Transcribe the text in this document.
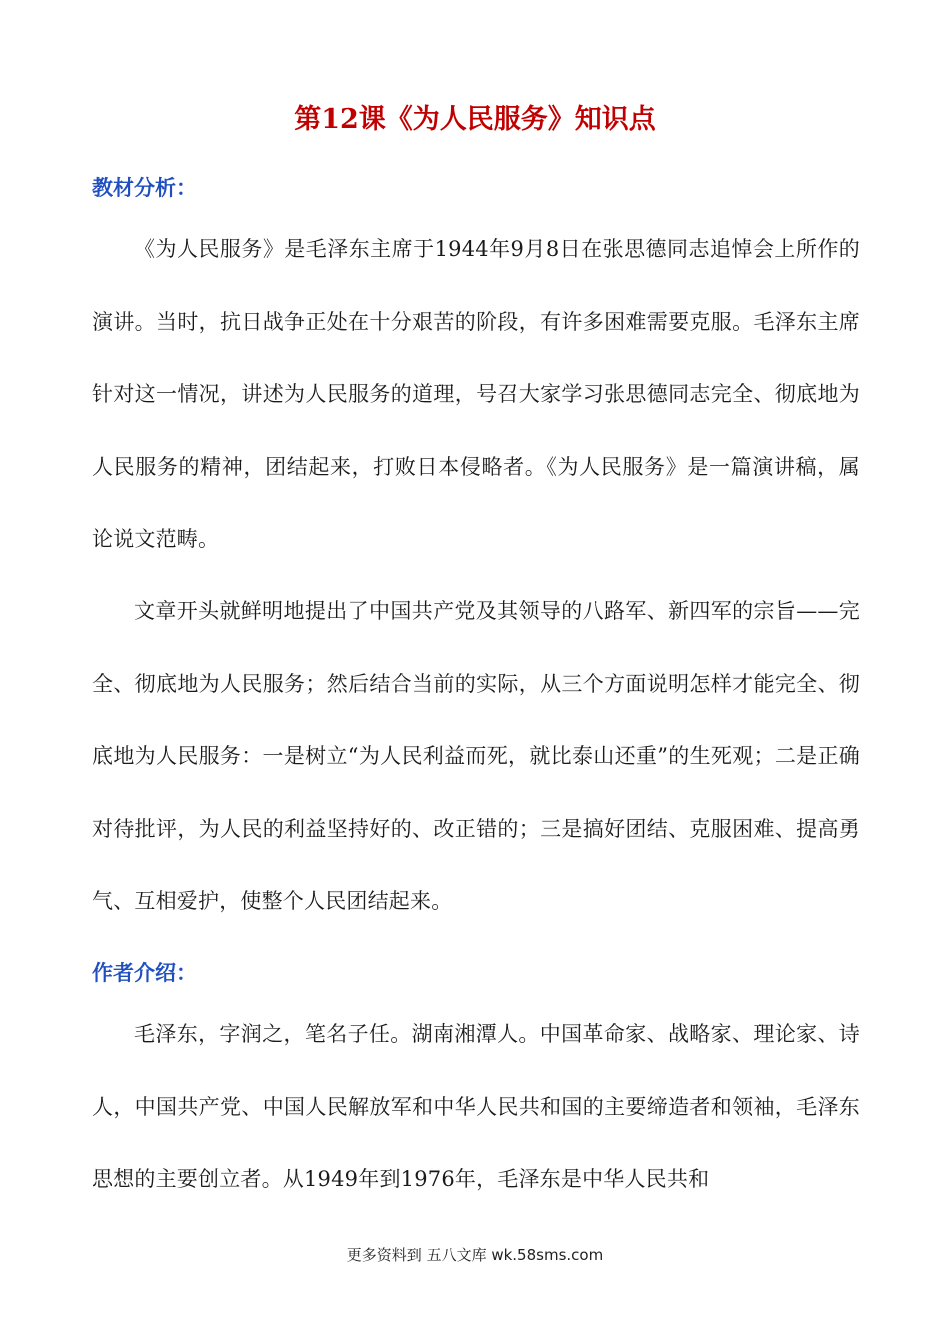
第12课《为人民服务》知识点
教材分析：

《为人民服务》是毛泽东主席于1944年9月8日在张思德同志追悼会上所作的演讲。当时，抗日战争正处在十分艰苦的阶段，有许多困难需要克服。毛泽东主席针对这一情况，讲述为人民服务的道理，号召大家学习张思德同志完全、彻底地为人民服务的精神，团结起来，打败日本侵略者。《为人民服务》是一篇演讲稿，属论说文范畴。

文章开头就鲜明地提出了中国共产党及其领导的八路军、新四军的宗旨——完全、彻底地为人民服务；然后结合当前的实际，从三个方面说明怎样才能完全、彻底地为人民服务：一是树立“为人民利益而死，就比泰山还重”的生死观；二是正确对待批评，为人民的利益坚持好的、改正错的；三是搞好团结、克服困难、提高勇气、互相爱护，使整个人民团结起来。

作者介绍：

毛泽东，字润之，笔名子任。湖南湘潭人。中国革命家、战略家、理论家、诗人，中国共产党、中国人民解放军和中华人民共和国的主要缔造者和领袖，毛泽东思想的主要创立者。从1949年到1976年，毛泽东是中华人民共和

更多资料到 五八文库 wk.58sms.com
